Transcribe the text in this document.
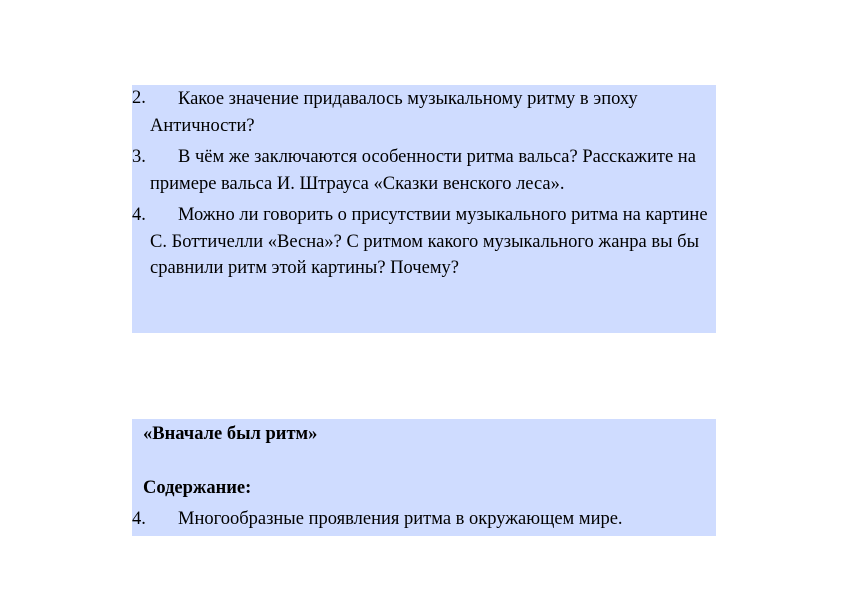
2. Какое значение придавалось музыкальному ритму в эпоху Античности?
3. В чём же заключаются особенности ритма вальса? Расскажите на примере вальса И. Штрауса «Сказки венского леса».
4. Можно ли говорить о присутствии музыкального ритма на картине С. Боттичелли «Весна»? С ритмом какого музыкального жанра вы бы сравнили ритм этой картины? Почему?
«Вначале был ритм»
Содержание:
4. Многообразные проявления ритма в окружающем мире.
